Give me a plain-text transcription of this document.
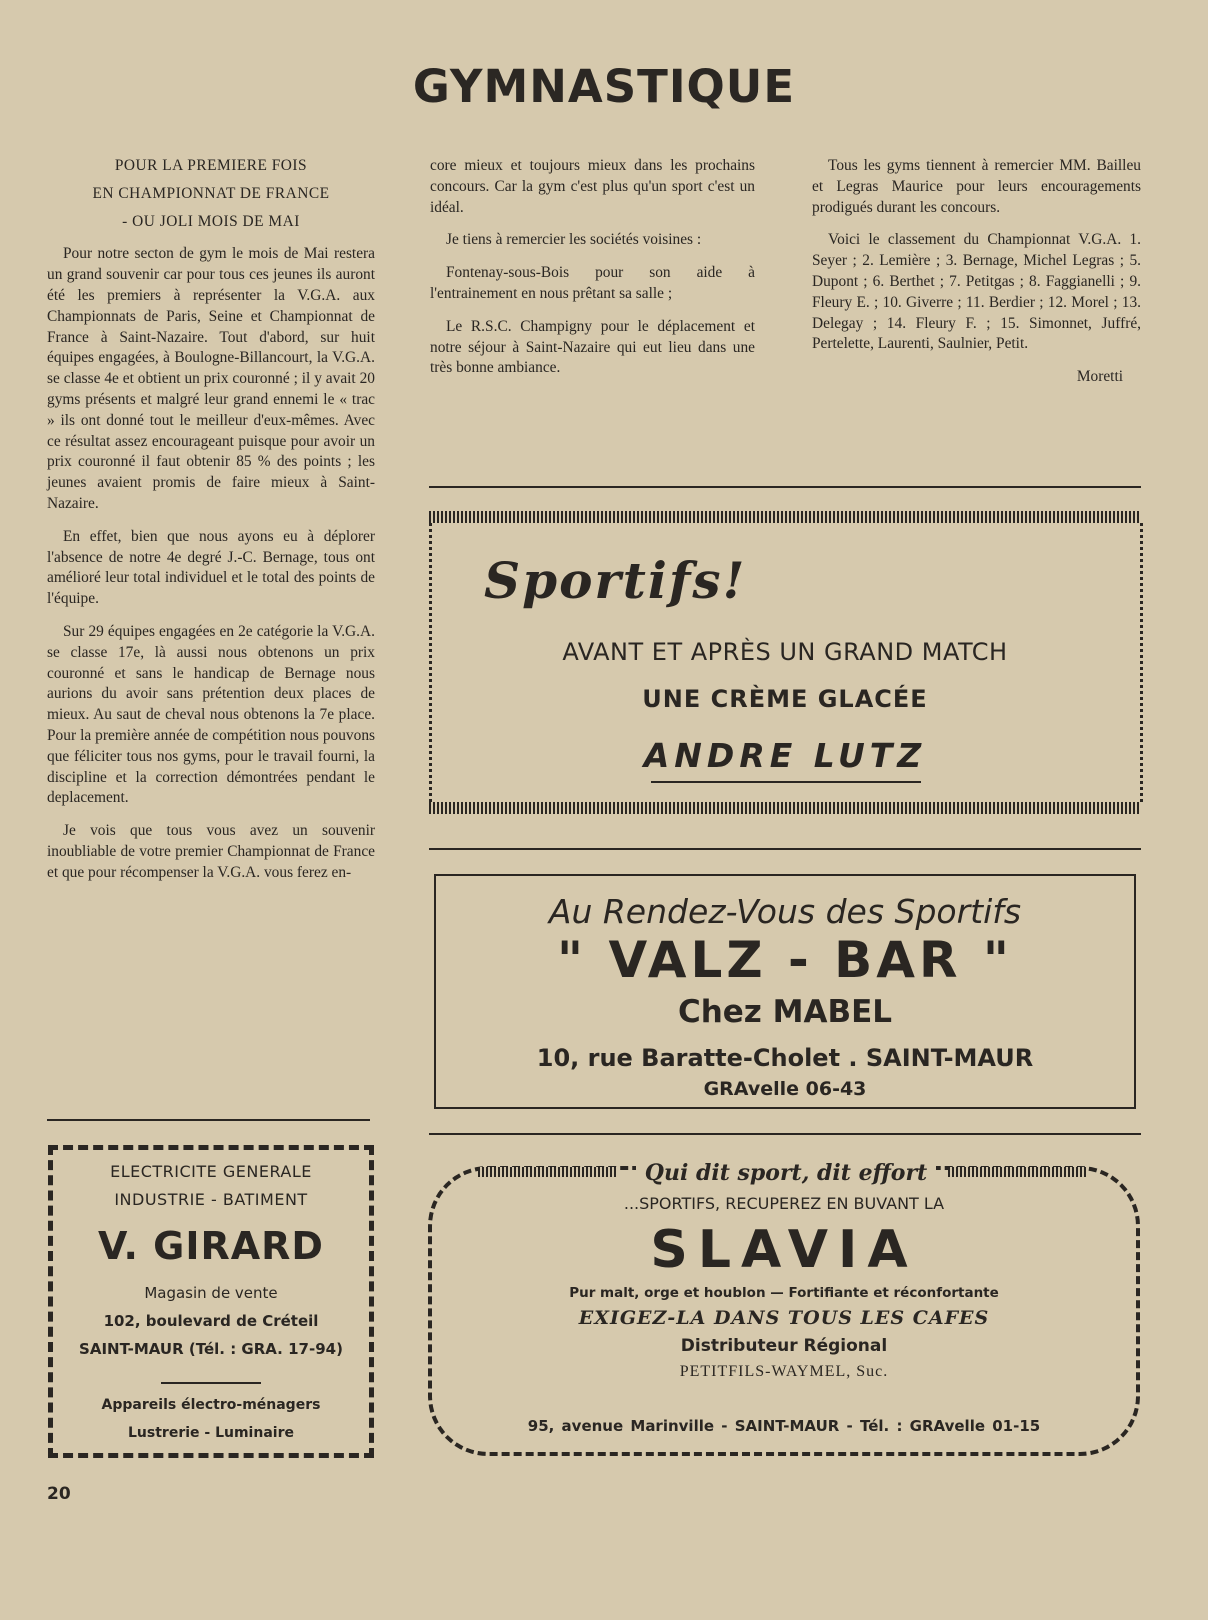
GYMNASTIQUE
POUR LA PREMIERE FOIS
EN CHAMPIONNAT DE FRANCE
- OU JOLI MOIS DE MAI

Pour notre secton de gym le mois de Mai restera un grand souvenir car pour tous ces jeunes ils auront été les premiers à représenter la V.G.A. aux Championnats de Paris, Seine et Championnat de France à Saint-Nazaire. Tout d'abord, sur huit équipes engagées, à Boulogne-Billancourt, la V.G.A. se classe 4e et obtient un prix couronné ; il y avait 20 gyms présents et malgré leur grand ennemi le « trac » ils ont donné tout le meilleur d'eux-mêmes. Avec ce résultat assez encourageant puisque pour avoir un prix couronné il faut obtenir 85 % des points ; les jeunes avaient promis de faire mieux à Saint-Nazaire.

En effet, bien que nous ayons eu à déplorer l'absence de notre 4e degré J.-C. Bernage, tous ont amélioré leur total individuel et le total des points de l'équipe.

Sur 29 équipes engagées en 2e catégorie la V.G.A. se classe 17e, là aussi nous obtenons un prix couronné et sans le handicap de Bernage nous aurions du avoir sans prétention deux places de mieux. Au saut de cheval nous obtenons la 7e place. Pour la première année de compétition nous pouvons que féliciter tous nos gyms, pour le travail fourni, la discipline et la correction démontrées pendant le deplacement.

Je vois que tous vous avez un souvenir inoubliable de votre premier Championnat de France et que pour récompenser la V.G.A. vous ferez en-

core mieux et toujours mieux dans les prochains concours. Car la gym c'est plus qu'un sport c'est un idéal.

Je tiens à remercier les sociétés voisines :

Fontenay-sous-Bois pour son aide à l'entrainement en nous prêtant sa salle ;

Le R.S.C. Champigny pour le déplacement et notre séjour à Saint-Nazaire qui eut lieu dans une très bonne ambiance.

Tous les gyms tiennent à remercier MM. Bailleu et Legras Maurice pour leurs encouragements prodigués durant les concours.

Voici le classement du Championnat V.G.A. 1. Seyer ; 2. Lemière ; 3. Bernage, Michel Legras ; 5. Dupont ; 6. Berthet ; 7. Petitgas ; 8. Faggianelli ; 9. Fleury E. ; 10. Giverre ; 11. Berdier ; 12. Morel ; 13. Delegay ; 14. Fleury F. ; 15. Simonnet, Juffré, Pertelette, Laurenti, Saulnier, Petit.

Moretti
Sportifs!
AVANT ET APRÈS UN GRAND MATCH
UNE CRÈME GLACÉE
ANDRE LUTZ
Au Rendez-Vous des Sportifs
" VALZ - BAR "
Chez MABEL
10, rue Baratte-Cholet . SAINT-MAUR
GRAvelle 06-43
ELECTRICITE GENERALE
INDUSTRIE - BATIMENT
V. GIRARD
Magasin de vente
102, boulevard de Créteil
SAINT-MAUR (Tél. : GRA. 17-94)
Appareils électro-ménagers
Lustrerie - Luminaire
...SPORTIFS, RECUPEREZ EN BUVANT LA
SLAVIA
Pur malt, orge et houblon — Fortifiante et réconfortante
EXIGEZ-LA DANS TOUS LES CAFES
Distributeur Régional
PETITFILS-WAYMEL, Suc.
95, avenue Marinville - SAINT-MAUR - Tél. : GRAvelle 01-15
Qui dit sport, dit effort
20
